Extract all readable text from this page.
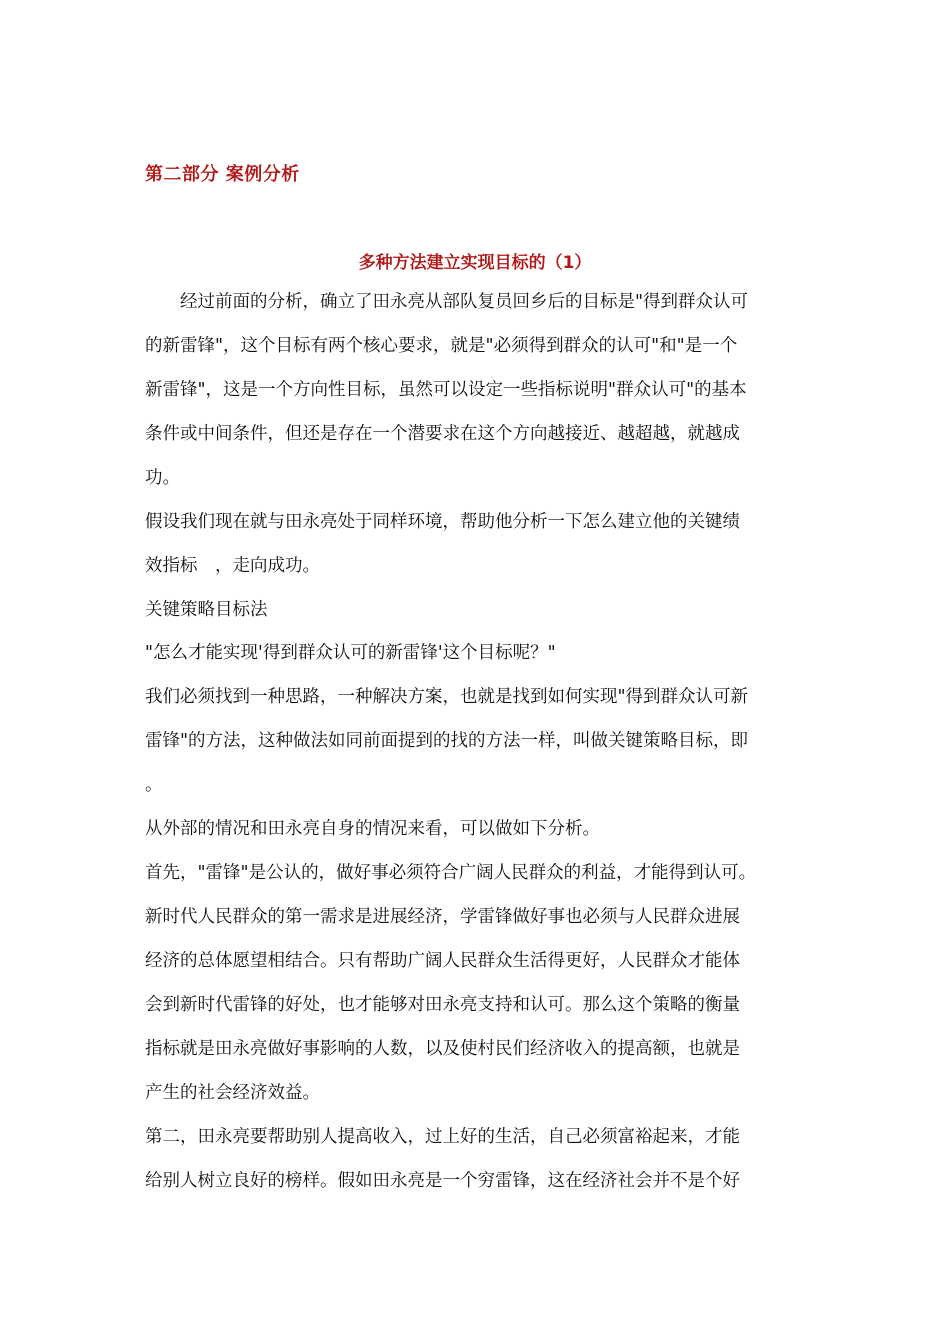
第二部分 案例分析
多种方法建立实现目标的（1）
　　经过前面的分析，确立了田永亮从部队复员回乡后的目标是"得到群众认可
的新雷锋"，这个目标有两个核心要求，就是"必须得到群众的认可"和"是一个
新雷锋"，这是一个方向性目标，虽然可以设定一些指标说明"群众认可"的基本
条件或中间条件，但还是存在一个潜要求在这个方向越接近、越超越，就越成
功。
假设我们现在就与田永亮处于同样环境，帮助他分析一下怎么建立他的关键绩
效指标　，走向成功。
关键策略目标法
"怎么才能实现'得到群众认可的新雷锋'这个目标呢？"
我们必须找到一种思路，一种解决方案，也就是找到如何实现"得到群众认可新
雷锋"的方法，这种做法如同前面提到的找的方法一样，叫做关键策略目标，即
。
从外部的情况和田永亮自身的情况来看，可以做如下分析。
首先，"雷锋"是公认的，做好事必须符合广阔人民群众的利益，才能得到认可。
新时代人民群众的第一需求是进展经济，学雷锋做好事也必须与人民群众进展
经济的总体愿望相结合。只有帮助广阔人民群众生活得更好，人民群众才能体
会到新时代雷锋的好处，也才能够对田永亮支持和认可。那么这个策略的衡量
指标就是田永亮做好事影响的人数，以及使村民们经济收入的提高额，也就是
产生的社会经济效益。
第二，田永亮要帮助别人提高收入，过上好的生活，自己必须富裕起来，才能
给别人树立良好的榜样。假如田永亮是一个穷雷锋，这在经济社会并不是个好
